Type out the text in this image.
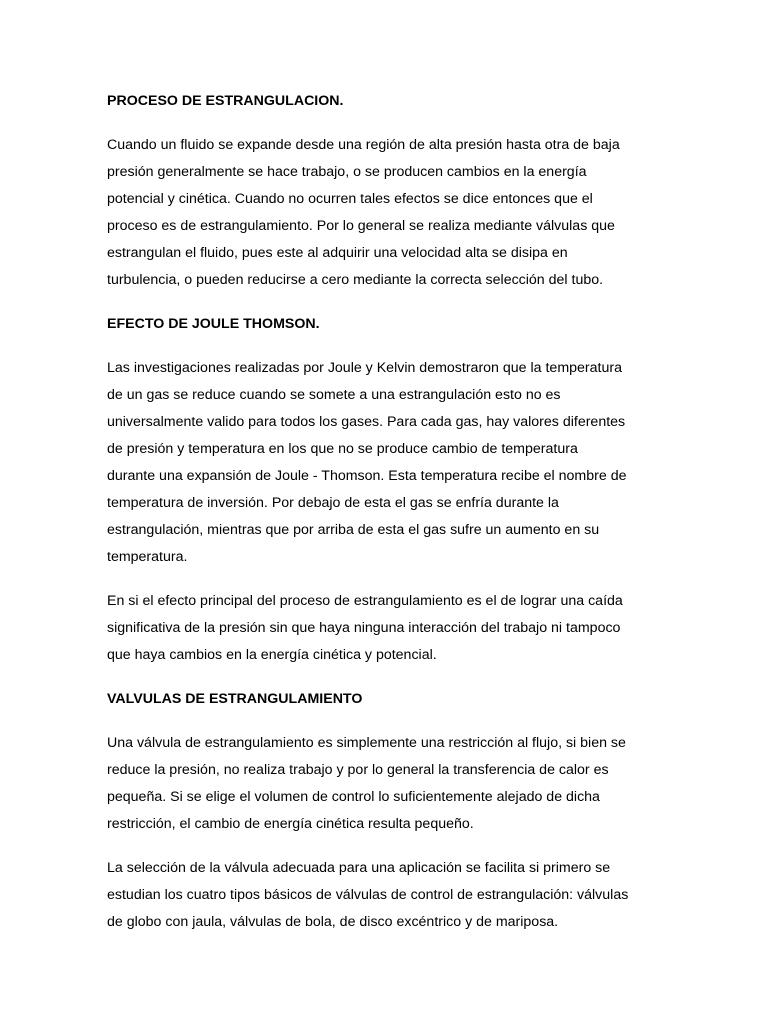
PROCESO DE ESTRANGULACION.
Cuando un fluido se expande desde una región de alta presión hasta otra de baja
presión generalmente se hace trabajo, o se producen cambios en la energía
potencial y cinética. Cuando no ocurren tales efectos se dice entonces que el
proceso es de estrangulamiento. Por lo general se realiza mediante válvulas que
estrangulan el fluido, pues este al adquirir una velocidad alta se disipa en
turbulencia, o pueden reducirse a cero mediante la correcta selección del tubo.
EFECTO DE JOULE THOMSON.
Las investigaciones realizadas por Joule y Kelvin demostraron que la temperatura
de un gas se reduce cuando se somete a una estrangulación esto no es
universalmente valido para todos los gases. Para cada gas, hay valores diferentes
de presión y temperatura en los que no se produce cambio de temperatura
durante una expansión de Joule - Thomson. Esta temperatura recibe el nombre de
temperatura de inversión. Por debajo de esta el gas se enfría durante la
estrangulación, mientras que por arriba de esta el gas sufre un aumento en su
temperatura.
En si el efecto principal del proceso de estrangulamiento es el de lograr una caída
significativa de la presión sin que haya ninguna interacción del trabajo ni tampoco
que haya cambios en la energía cinética y potencial.
VALVULAS DE ESTRANGULAMIENTO
Una válvula de estrangulamiento es simplemente una restricción al flujo, si bien se
reduce la presión, no realiza trabajo y por lo general la transferencia de calor es
pequeña. Si se elige el volumen de control lo suficientemente alejado de dicha
restricción, el cambio de energía cinética resulta pequeño.
La selección de la válvula adecuada para una aplicación se facilita si primero se
estudian los cuatro tipos básicos de válvulas de control de estrangulación: válvulas
de globo con jaula, válvulas de bola, de disco excéntrico y de mariposa.
